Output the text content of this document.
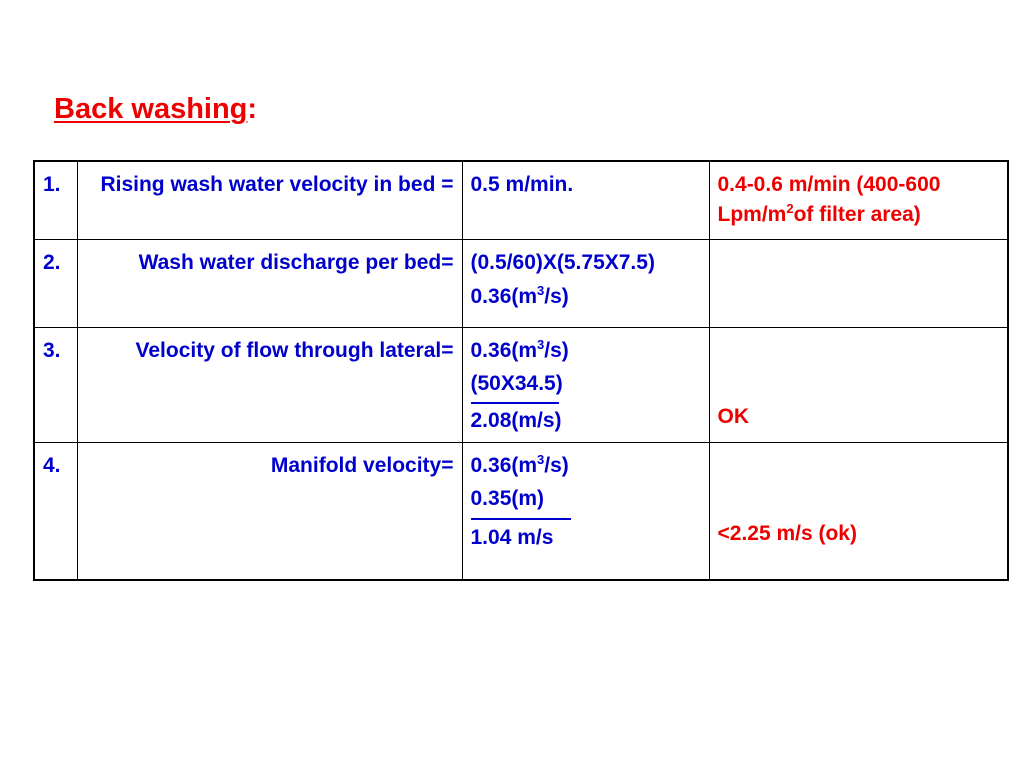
Back washing:
1.	Rising wash water velocity in bed =	0.5 m/min.	0.4-0.6 m/min (400-600 Lpm/$m^2of$ filter area)
2.	Wash water discharge per bed=	(0.5/60)X(5.75X7.5)
$0.36(m^3/s)$	

3.	Velocity of flow through lateral=	$0.36(m^3/s)$
(50X34.5)
2.08(m/s)	OK
4.	Manifold velocity=	$0.36(m^3/s)$
0.35(m)
1.04 m/s	<2.25 m/s (ok)
